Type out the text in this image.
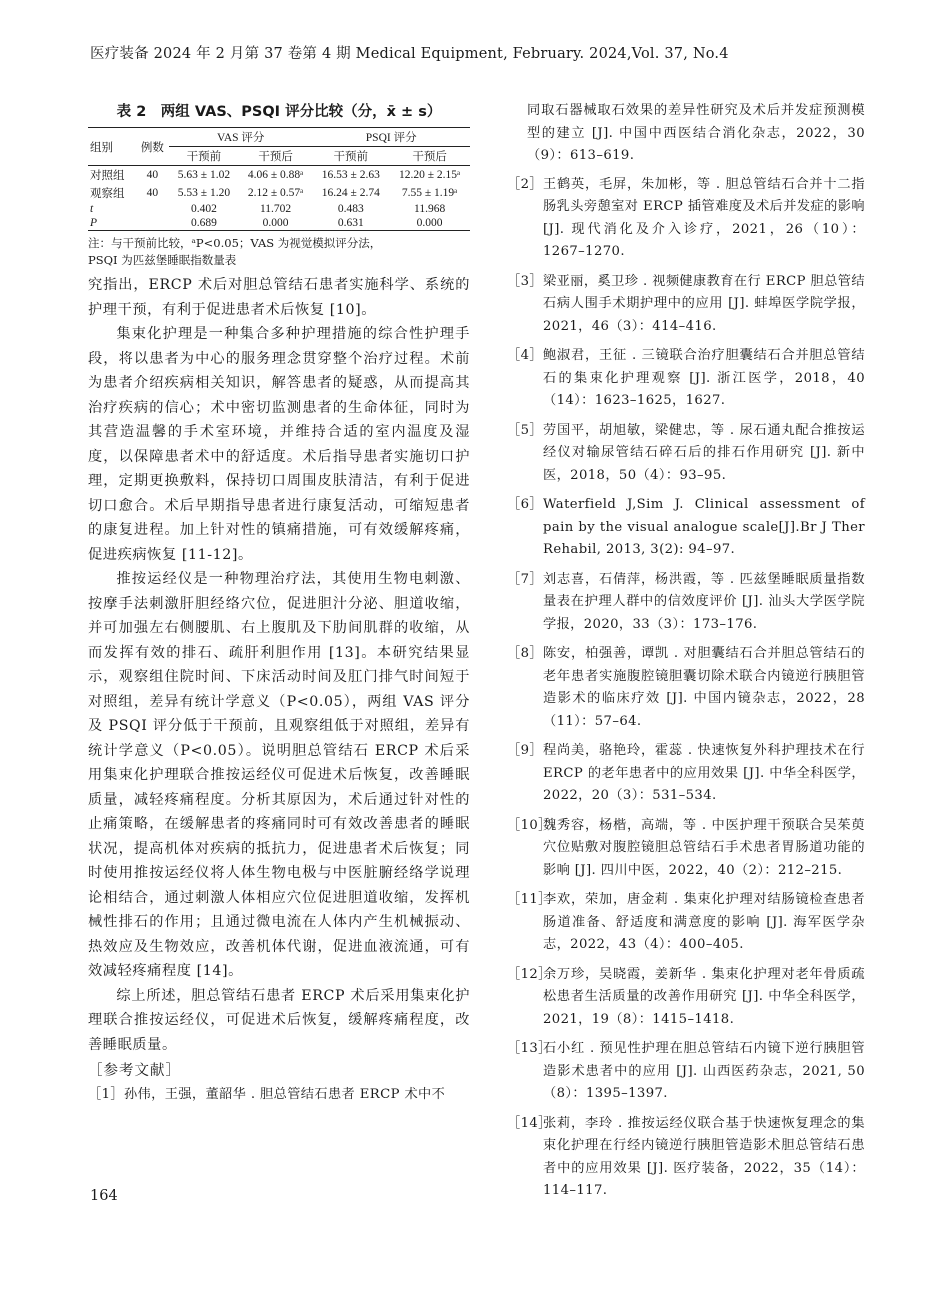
医疗装备 2024 年 2 月第 37 卷第 4 期 Medical Equipment, February. 2024,Vol. 37, No.4
表 2　两组 VAS、PSQI 评分比较（分，x̄ ± s）
组别	例数	VAS 评分		PSQI 评分	
		干预前	干预后	干预前	干预后
对照组	40	5.63 ± 1.02	4.06 ± 0.88ᵃ	16.53 ± 2.63	12.20 ± 2.15ᵃ
观察组	40	5.53 ± 1.20	2.12 ± 0.57ᵃ	16.24 ± 2.74	7.55 ± 1.19ᵃ
t		0.402	11.702	0.483	11.968
P		0.689	0.000	0.631	0.000
注：与干预前比较，ᵃP<0.05；VAS 为视觉模拟评分法，
PSQI 为匹兹堡睡眠指数量表

究指出，ERCP 术后对胆总管结石患者实施科学、系统的护理干预，有利于促进患者术后恢复 [10]。

集束化护理是一种集合多种护理措施的综合性护理手段，将以患者为中心的服务理念贯穿整个治疗过程。术前为患者介绍疾病相关知识，解答患者的疑惑，从而提高其治疗疾病的信心；术中密切监测患者的生命体征，同时为其营造温馨的手术室环境，并维持合适的室内温度及湿度，以保障患者术中的舒适度。术后指导患者实施切口护理，定期更换敷料，保持切口周围皮肤清洁，有利于促进切口愈合。术后早期指导患者进行康复活动，可缩短患者的康复进程。加上针对性的镇痛措施，可有效缓解疼痛，促进疾病恢复 [11-12]。

推按运经仪是一种物理治疗法，其使用生物电刺激、按摩手法刺激肝胆经络穴位，促进胆汁分泌、胆道收缩，并可加强左右侧腰肌、右上腹肌及下肋间肌群的收缩，从而发挥有效的排石、疏肝利胆作用 [13]。本研究结果显示，观察组住院时间、下床活动时间及肛门排气时间短于对照组，差异有统计学意义（P<0.05），两组 VAS 评分及 PSQI 评分低于干预前，且观察组低于对照组，差异有统计学意义（P<0.05）。说明胆总管结石 ERCP 术后采用集束化护理联合推按运经仪可促进术后恢复，改善睡眠质量，减轻疼痛程度。分析其原因为，术后通过针对性的止痛策略，在缓解患者的疼痛同时可有效改善患者的睡眠状况，提高机体对疾病的抵抗力，促进患者术后恢复；同时使用推按运经仪将人体生物电极与中医脏腑经络学说理论相结合，通过刺激人体相应穴位促进胆道收缩，发挥机械性排石的作用；且通过微电流在人体内产生机械振动、热效应及生物效应，改善机体代谢，促进血液流通，可有效减轻疼痛程度 [14]。

综上所述，胆总管结石患者 ERCP 术后采用集束化护理联合推按运经仪，可促进术后恢复，缓解疼痛程度，改善睡眠质量。

［参考文献］

［1］孙伟，王强，董韶华 . 胆总管结石患者 ERCP 术中不

同取石器械取石效果的差异性研究及术后并发症预测模型的建立 [J]. 中国中西医结合消化杂志，2022，30（9）：613–619.

［2］ 王鹤英，毛屏，朱加彬，等 . 胆总管结石合并十二指肠乳头旁憩室对 ERCP 插管难度及术后并发症的影响 [J]. 现代消化及介入诊疗，2021，26（10）：1267–1270.
［3］ 梁亚丽，奚卫珍 . 视频健康教育在行 ERCP 胆总管结石病人围手术期护理中的应用 [J]. 蚌埠医学院学报，2021，46（3）：414–416.
［4］ 鲍淑君，王征 . 三镜联合治疗胆囊结石合并胆总管结石的集束化护理观察 [J]. 浙江医学，2018，40（14）：1623–1625，1627.
［5］ 劳国平，胡旭敏，梁健忠，等 . 尿石通丸配合推按运经仪对输尿管结石碎石后的排石作用研究 [J]. 新中医，2018，50（4）：93–95.
［6］ Waterfield J,Sim J. Clinical assessment of pain by the visual analogue scale[J].Br J Ther Rehabil, 2013, 3(2): 94–97.
［7］ 刘志喜，石倩萍，杨洪霞，等 . 匹兹堡睡眠质量指数量表在护理人群中的信效度评价 [J]. 汕头大学医学院学报，2020，33（3）：173–176.
［8］ 陈安，柏强善，谭凯 . 对胆囊结石合并胆总管结石的老年患者实施腹腔镜胆囊切除术联合内镜逆行胰胆管造影术的临床疗效 [J]. 中国内镜杂志，2022，28（11）：57–64.
［9］ 程尚美，骆艳玲，霍蕊 . 快速恢复外科护理技术在行 ERCP 的老年患者中的应用效果 [J]. 中华全科医学，2022，20（3）：531–534.
［10］
魏秀容，杨楷，高端，等 . 中医护理干预联合吴茱萸穴位贴敷对腹腔镜胆总管结石手术患者胃肠道功能的影响 [J]. 四川中医，2022，40（2）：212–215.
［11］
李欢，荣加，唐金莉 . 集束化护理对结肠镜检查患者肠道准备、舒适度和满意度的影响 [J]. 海军医学杂志，2022，43（4）：400–405.
［12］
余万珍，吴晓霞，姜新华 . 集束化护理对老年骨质疏松患者生活质量的改善作用研究 [J]. 中华全科医学，2021，19（8）：1415–1418.
［13］
石小红 . 预见性护理在胆总管结石内镜下逆行胰胆管造影术患者中的应用 [J]. 山西医药杂志，2021, 50（8）：1395–1397.
［14］
张莉，李玲 . 推按运经仪联合基于快速恢复理念的集束化护理在行经内镜逆行胰胆管造影术胆总管结石患者中的应用效果 [J]. 医疗装备，2022，35（14）：114–117.
164
